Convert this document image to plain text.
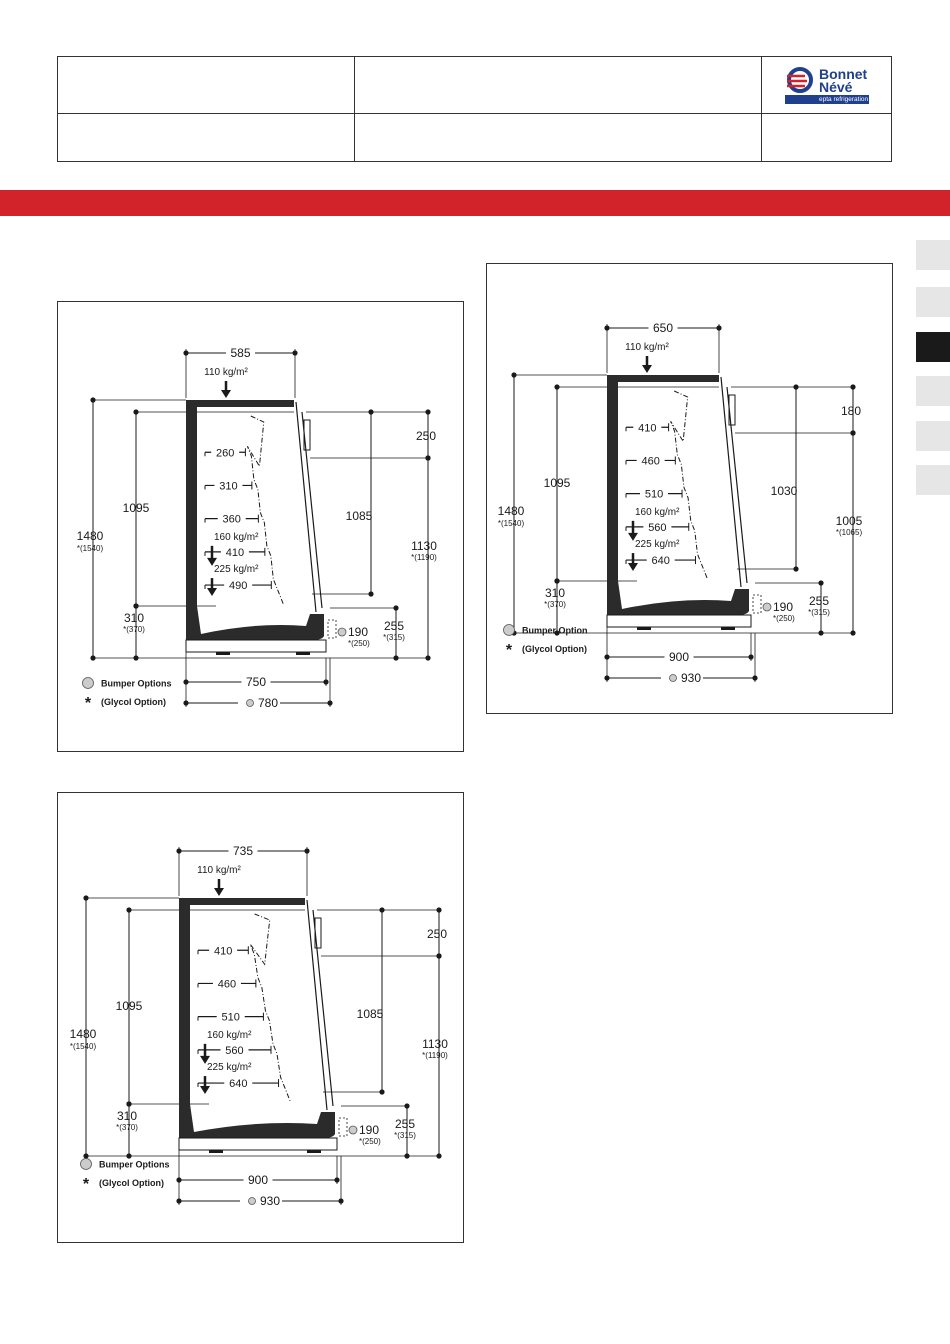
Bonnet
Névé
epta refrigeration
260
310
360
410
490
110 kg/m²
160 kg/m²
225 kg/m²
585
1480
*(1540)
1095
310
*(370)
1085
250
1130
*(1190)
255
*(315)
190
*(250)
750
780
Bumper Options
* (Glycol Option)
410
460
510
560
640
110 kg/m²
160 kg/m²
225 kg/m²
650
1480
*(1540)
1095
310
*(370)
1030
180
1005
*(1065)
255
*(315)
190
*(250)
900
930
Bumper Option
* (Glycol Option)
410
460
510
560
640
110 kg/m²
160 kg/m²
225 kg/m²
735
1480
*(1540)
1095
310
*(370)
1085
250
1130
*(1190)
255
*(315)
190
*(250)
900
930
Bumper Options
* (Glycol Option)
